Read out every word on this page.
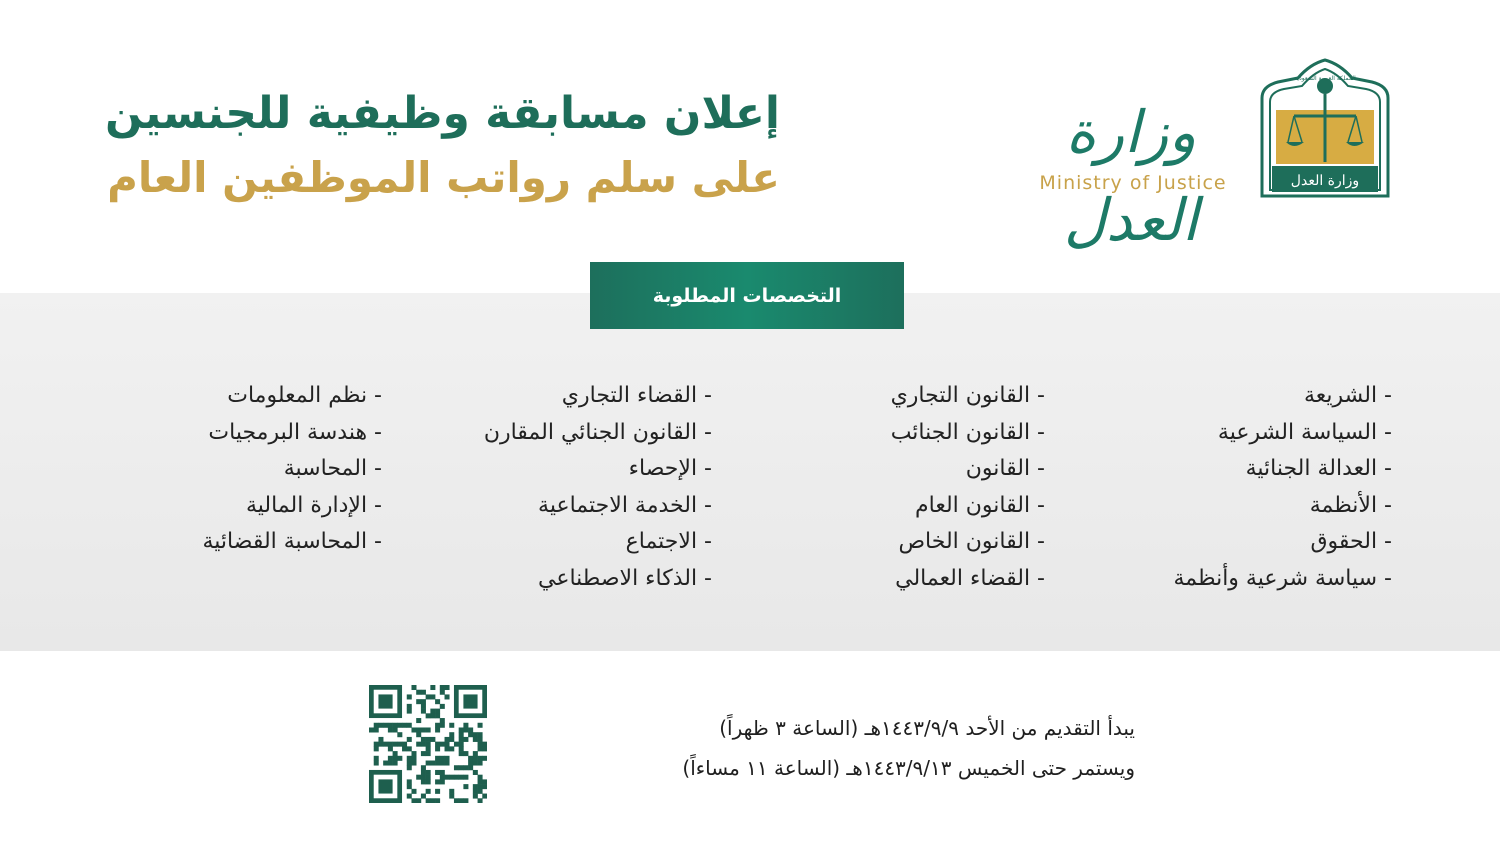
وزارة العدل
المملكة العربية السعودية
وزارة العدل
Ministry of Justice
إعلان مسابقة وظيفية للجنسين
على سلم رواتب الموظفين العام
التخصصات المطلوبة
- الشريعة
- السياسة الشرعية
- العدالة الجنائية
- الأنظمة
- الحقوق
- سياسة شرعية وأنظمة
- القانون التجاري
- القانون الجنائب
- القانون
- القانون العام
- القانون الخاص
- القضاء العمالي
- القضاء التجاري
- القانون الجنائي المقارن
- الإحصاء
- الخدمة الاجتماعية
- الاجتماع
- الذكاء الاصطناعي
- نظم المعلومات
- هندسة البرمجيات
- المحاسبة
- الإدارة المالية
- المحاسبة القضائية
يبدأ التقديم من الأحد ١٤٤٣/٩/٩هـ (الساعة ٣ ظهراً)
ويستمر حتى الخميس ١٤٤٣/٩/١٣هـ (الساعة ١١ مساءاً)
